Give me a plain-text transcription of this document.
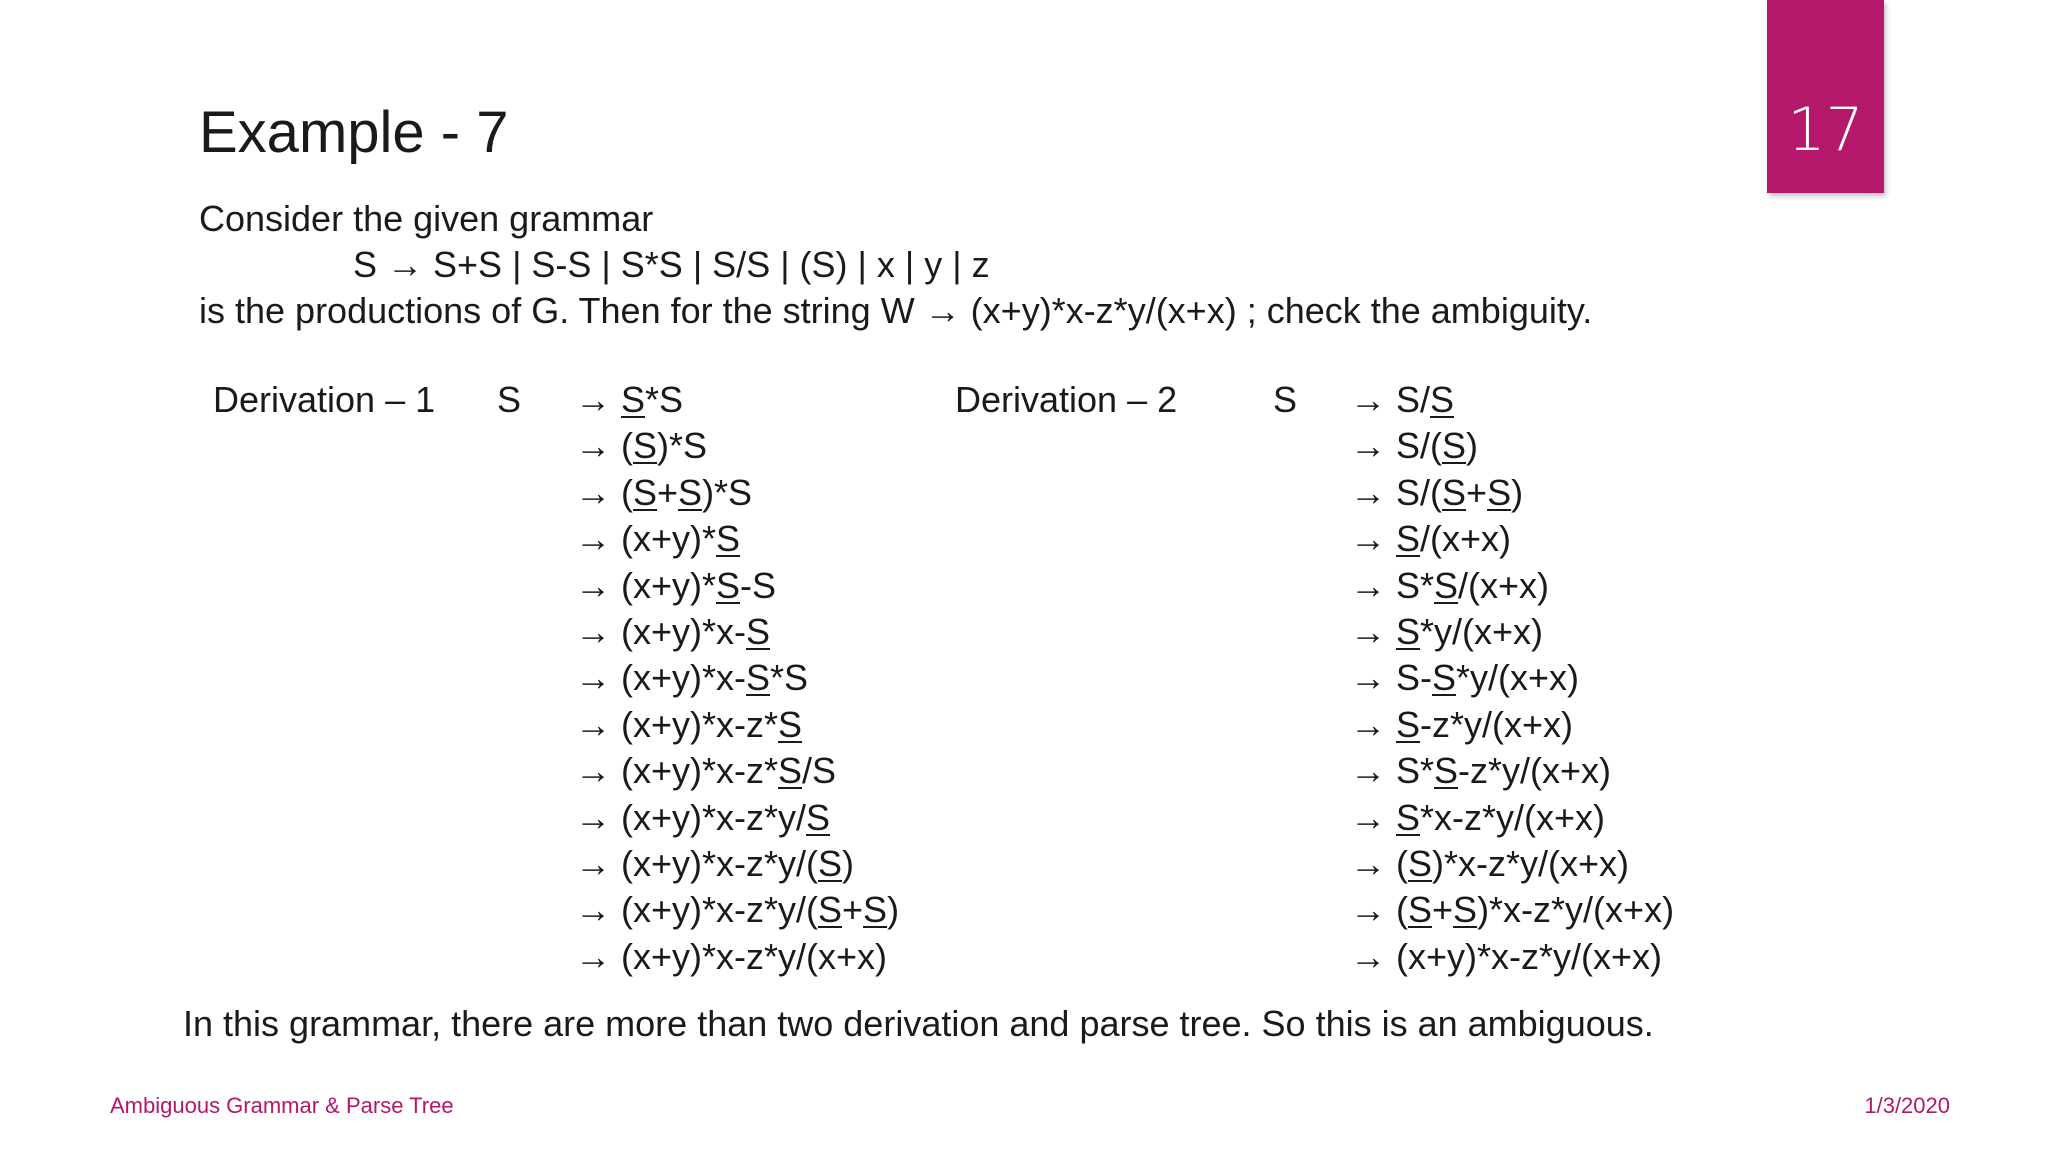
17
Example - 7
Consider the given grammar
S → S+S | S-S | S*S | S/S | (S) | x | y | z
is the productions of G. Then for the string W → (x+y)*x-z*y/(x+x) ; check the ambiguity.
Derivation – 1 S → S*S
→ (S)*S
→ (S+S)*S
→ (x+y)*S
→ (x+y)*S-S
→ (x+y)*x-S
→ (x+y)*x-S*S
→ (x+y)*x-z*S
→ (x+y)*x-z*S/S
→ (x+y)*x-z*y/S
→ (x+y)*x-z*y/(S)
→ (x+y)*x-z*y/(S+S)
→ (x+y)*x-z*y/(x+x)
Derivation – 2	S → S/S
→ S/(S)
→ S/(S+S)
→ S/(x+x)
→ S*S/(x+x)
→ S*y/(x+x)
→ S-S*y/(x+x)
→ S-z*y/(x+x)
→ S*S-z*y/(x+x)
→ S*x-z*y/(x+x)
→ (S)*x-z*y/(x+x)
→ (S+S)*x-z*y/(x+x)
→ (x+y)*x-z*y/(x+x)
In this grammar, there are more than two derivation and parse tree. So this is an ambiguous.
Ambiguous Grammar & Parse Tree	1/3/2020
